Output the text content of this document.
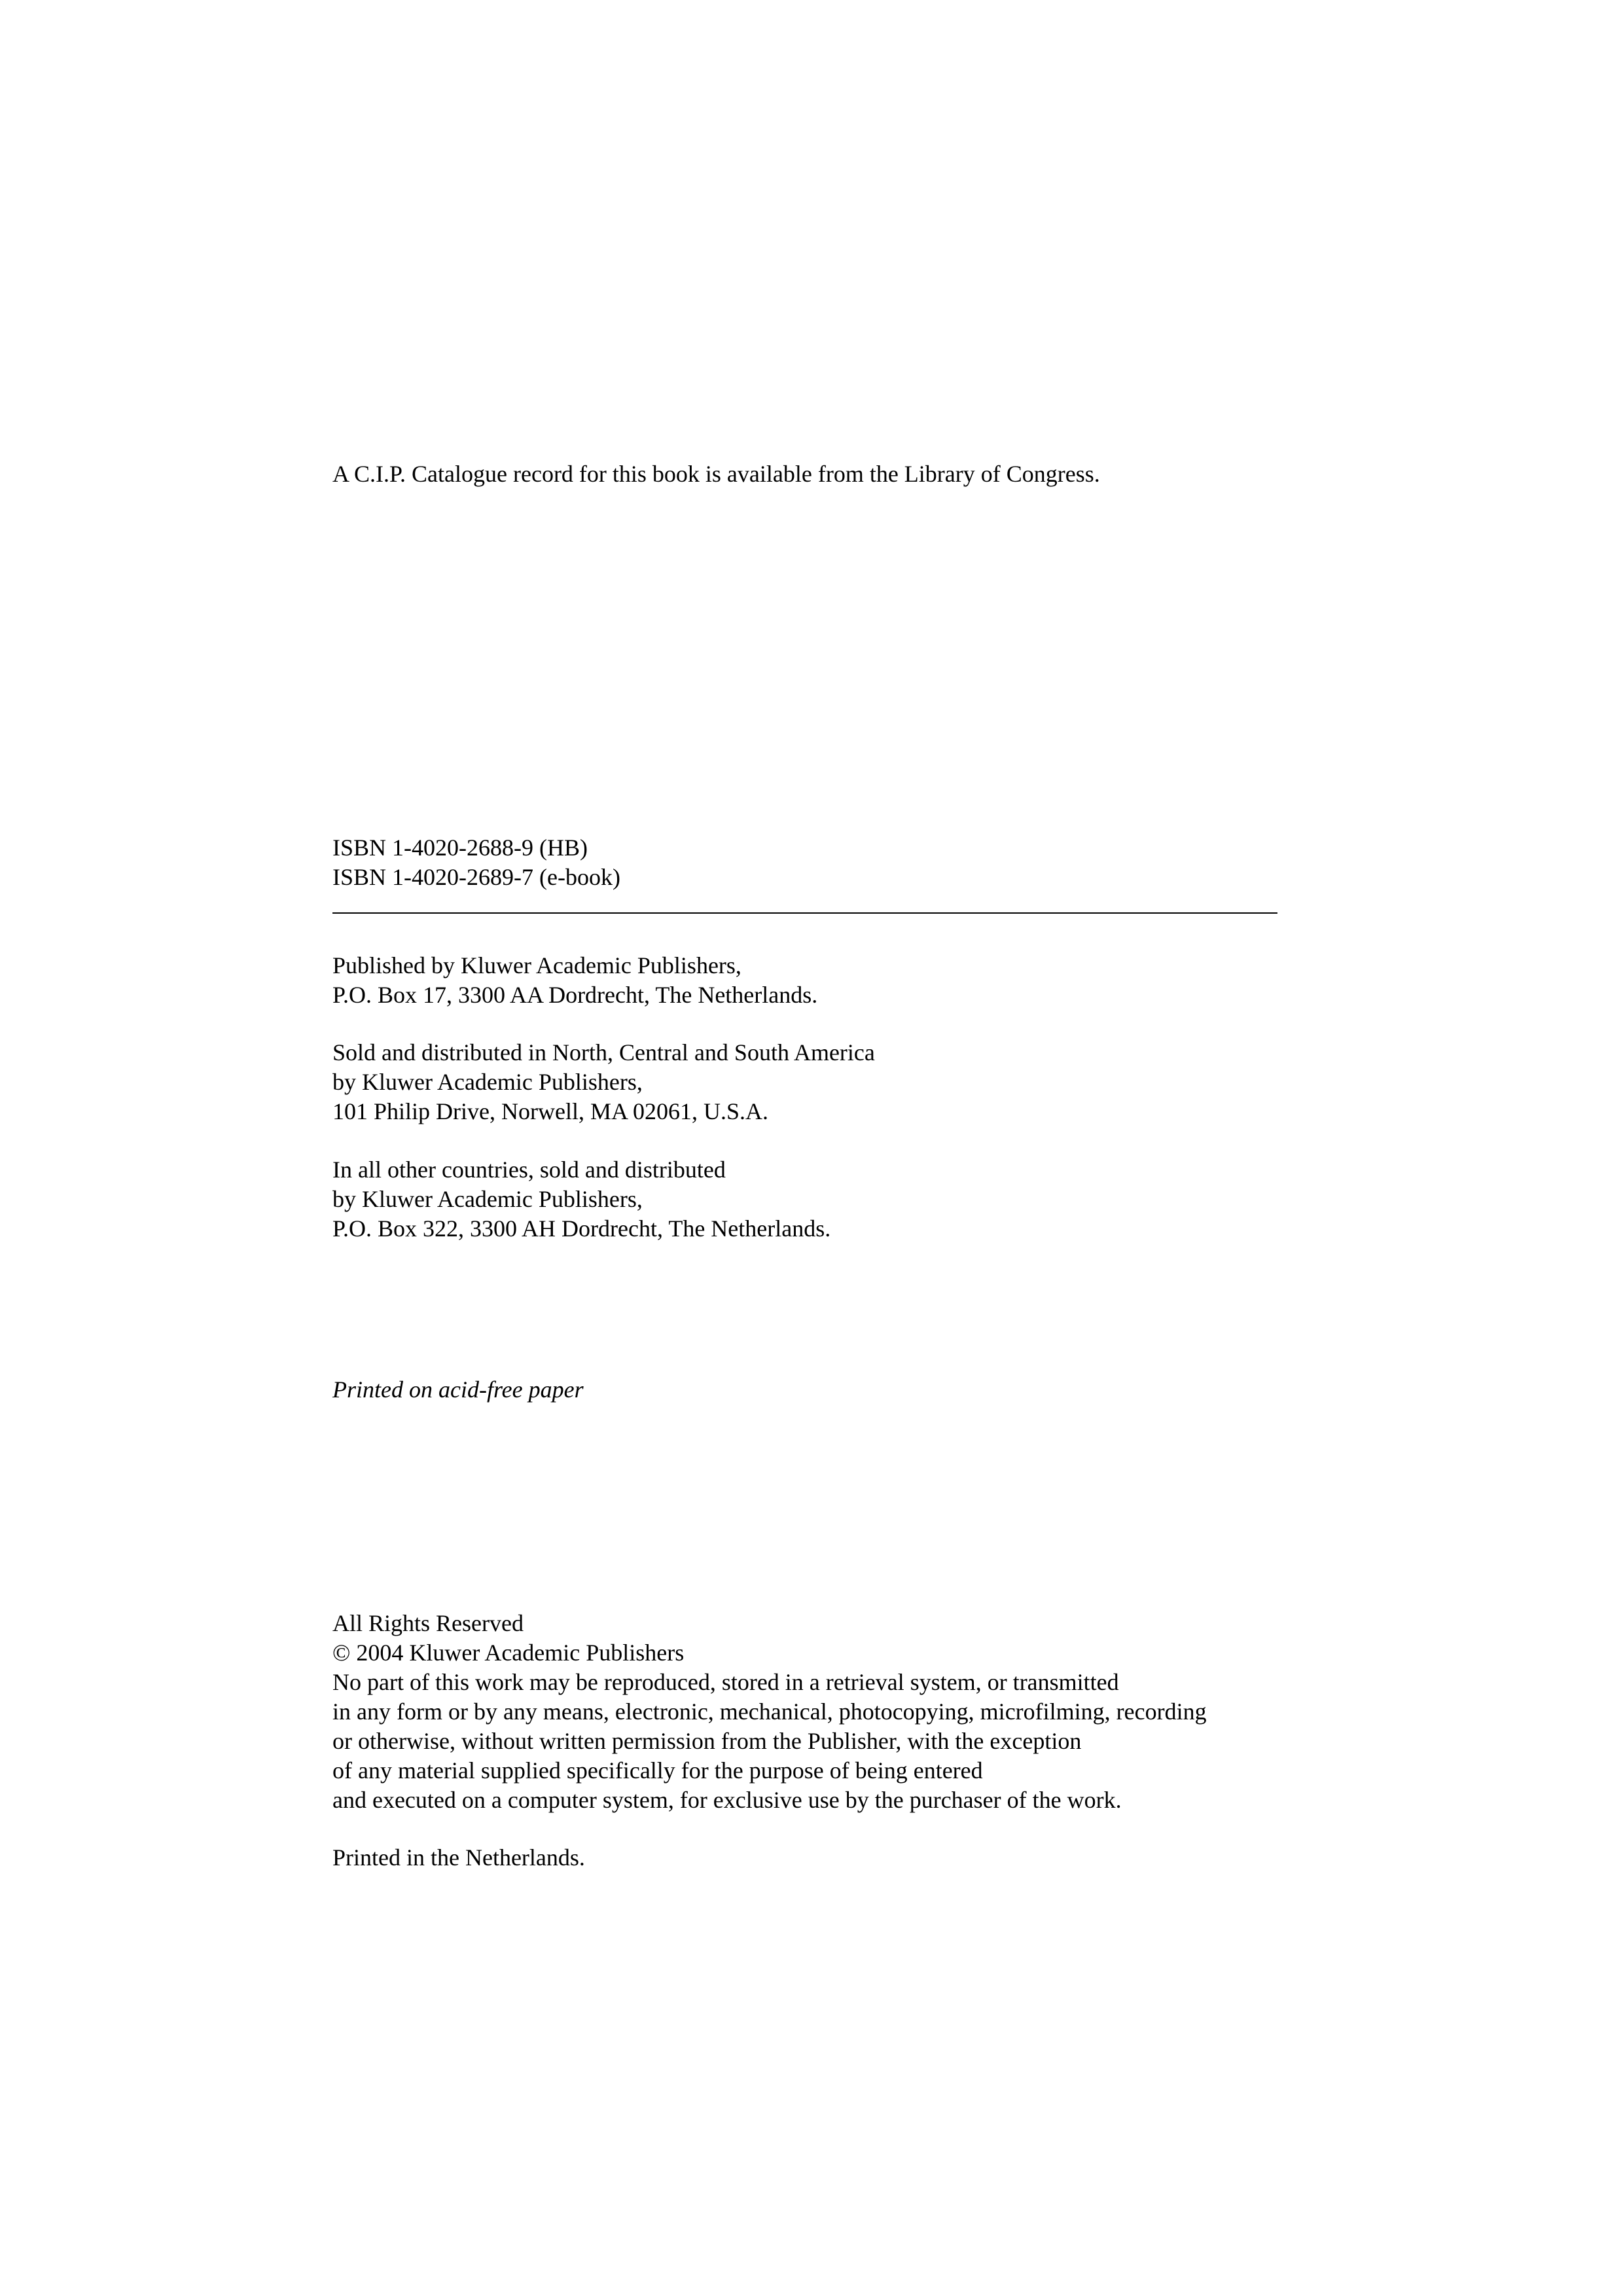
A C.I.P. Catalogue record for this book is available from the Library of Congress.
ISBN 1-4020-2688-9 (HB)
ISBN 1-4020-2689-7 (e-book)
Published by Kluwer Academic Publishers,
P.O. Box 17, 3300 AA Dordrecht, The Netherlands.
Sold and distributed in North, Central and South America
by Kluwer Academic Publishers,
101 Philip Drive, Norwell, MA 02061, U.S.A.
In all other countries, sold and distributed
by Kluwer Academic Publishers,
P.O. Box 322, 3300 AH Dordrecht, The Netherlands.
Printed on acid-free paper
All Rights Reserved
© 2004 Kluwer Academic Publishers
No part of this work may be reproduced, stored in a retrieval system, or transmitted
in any form or by any means, electronic, mechanical, photocopying, microfilming, recording
or otherwise, without written permission from the Publisher, with the exception
of any material supplied specifically for the purpose of being entered
and executed on a computer system, for exclusive use by the purchaser of the work.
Printed in the Netherlands.
